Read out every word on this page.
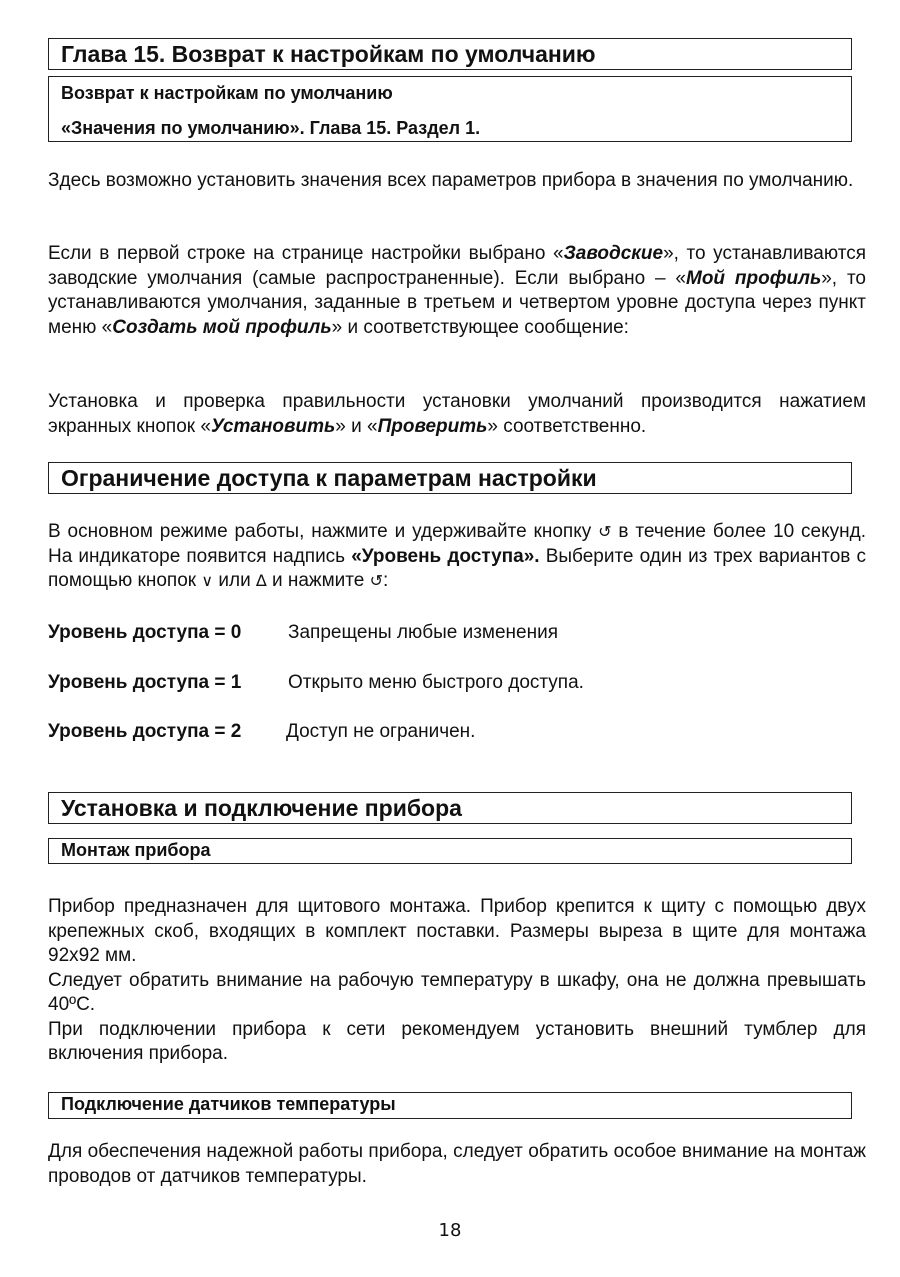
Глава 15. Возврат к настройкам по умолчанию
Возврат к настройкам по умолчанию
«Значения по умолчанию». Глава 15. Раздел 1.

Здесь возможно установить значения всех параметров прибора в значения по умолчанию.

Если в первой строке на странице настройки выбрано «Заводские», то устанавливаются заводские умолчания (самые распространенные). Если выбрано – «Мой профиль», то устанавливаются умолчания, заданные в третьем и четвертом уровне доступа через пункт меню «Создать мой профиль» и соответствующее сообщение:

Установка и проверка правильности установки умолчаний производится нажатием экранных кнопок «Установить» и «Проверить» соответственно.

Ограничение доступа к параметрам настройки

В основном режиме работы, нажмите и удерживайте кнопку ↺ в течение более 10 секунд. На индикаторе появится надпись «Уровень доступа». Выберите один из трех вариантов с помощью кнопок ∨ или ∆ и нажмите ↺:

Уровень доступа = 0 Запрещены любые изменения
Уровень доступа = 1 Открыто меню быстрого доступа.
Уровень доступа = 2 Доступ не ограничен.
Установка и подключение прибора
Монтаж прибора

Прибор предназначен для щитового монтажа. Прибор крепится к щиту с помощью двух крепежных скоб, входящих в комплект поставки. Размеры выреза в щите для монтажа 92х92 мм.

Следует обратить внимание на рабочую температуру в шкафу, она не должна превышать 40ºС.

При подключении прибора к сети рекомендуем установить внешний тумблер для включения прибора.

Подключение датчиков температуры

Для обеспечения надежной работы прибора, следует обратить особое внимание на монтаж проводов от датчиков температуры.

18
